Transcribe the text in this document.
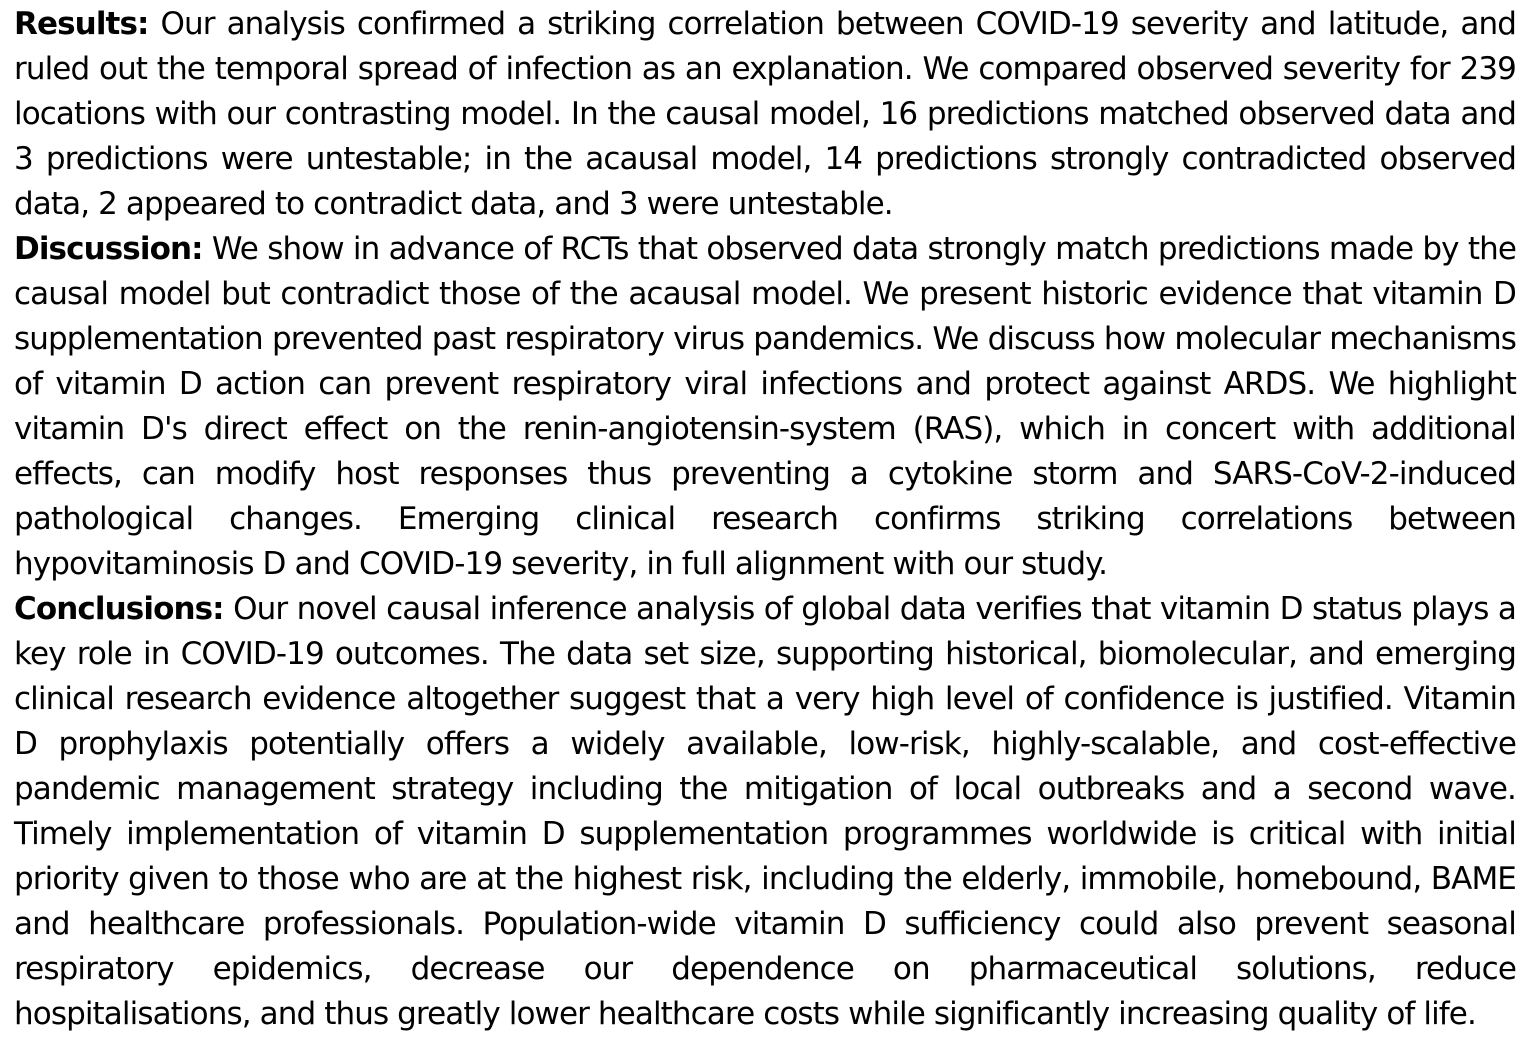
Results: Our analysis confirmed a striking correlation between COVID-19 severity and latitude, and ruled out the temporal spread of infection as an explanation. We compared observed severity for 239 locations with our contrasting model. In the causal model, 16 predictions matched observed data and 3 predictions were untestable; in the acausal model, 14 predictions strongly contradicted observed data, 2 appeared to contradict data, and 3 were untestable.

Discussion: We show in advance of RCTs that observed data strongly match predictions made by the causal model but contradict those of the acausal model. We present historic evidence that vitamin D supplementation prevented past respiratory virus pandemics. We discuss how molecular mechanisms of vitamin D action can prevent respiratory viral infections and protect against ARDS. We highlight vitamin D's direct effect on the renin-angiotensin-system (RAS), which in concert with additional effects, can modify host responses thus preventing a cytokine storm and SARS-CoV-2-induced pathological changes. Emerging clinical research confirms striking correlations between hypovitaminosis D and COVID-19 severity, in full alignment with our study.

Conclusions: Our novel causal inference analysis of global data verifies that vitamin D status plays a key role in COVID-19 outcomes. The data set size, supporting historical, biomolecular, and emerging clinical research evidence altogether suggest that a very high level of confidence is justified. Vitamin D prophylaxis potentially offers a widely available, low-risk, highly-scalable, and cost-effective pandemic management strategy including the mitigation of local outbreaks and a second wave. Timely implementation of vitamin D supplementation programmes worldwide is critical with initial priority given to those who are at the highest risk, including the elderly, immobile, homebound, BAME and healthcare professionals. Population-wide vitamin D sufficiency could also prevent seasonal respiratory epidemics, decrease our dependence on pharmaceutical solutions, reduce hospitalisations, and thus greatly lower healthcare costs while significantly increasing quality of life.
